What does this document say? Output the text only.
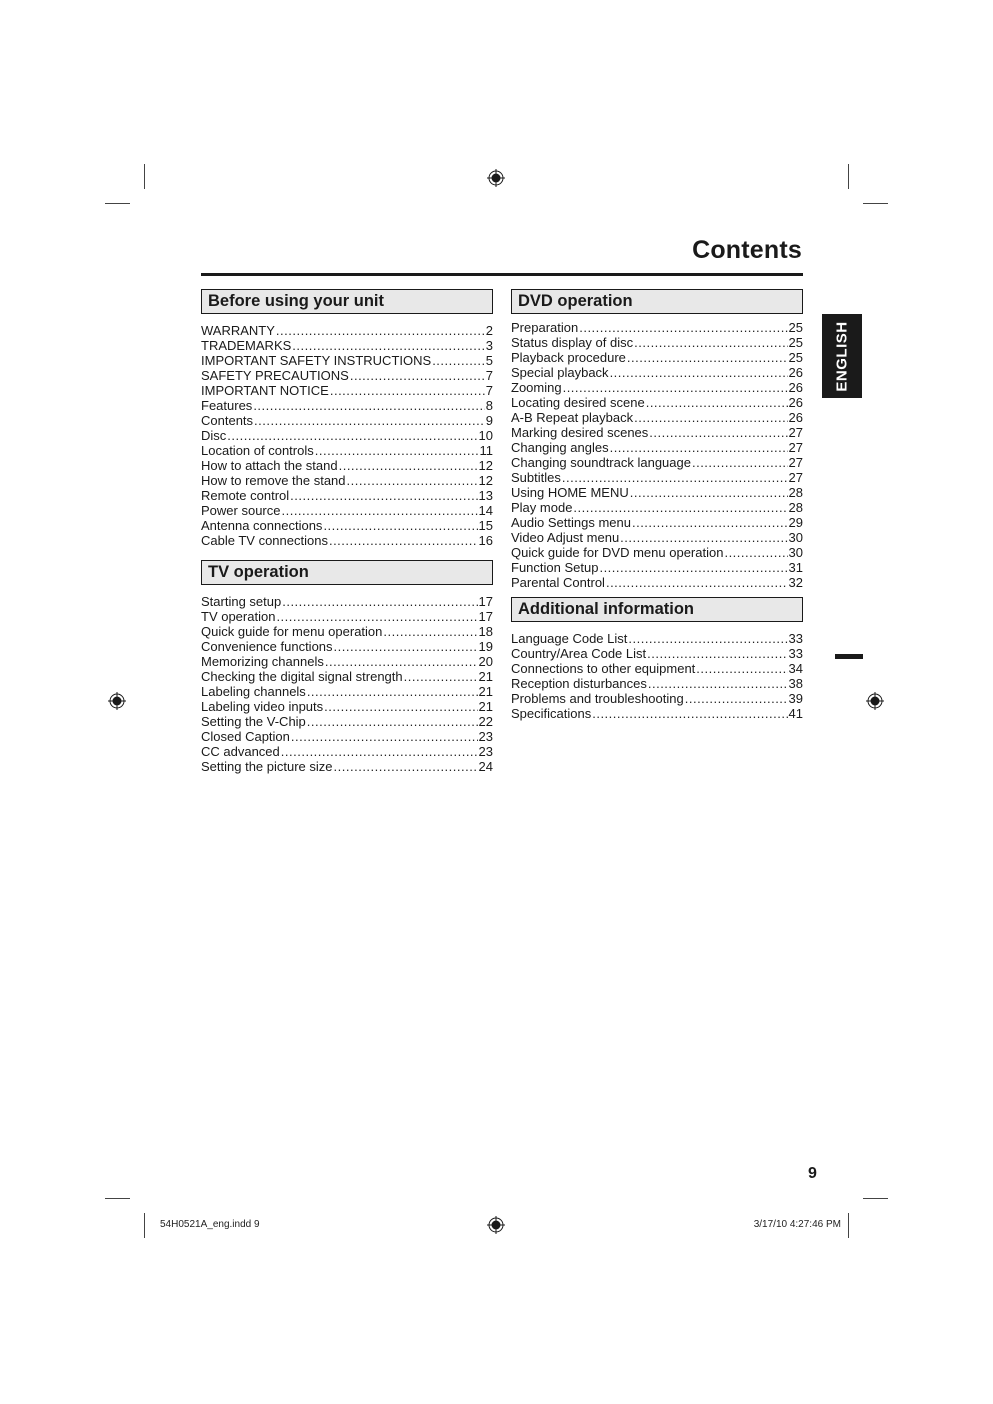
Contents
Before using your unit
WARRANTY .....	2
TRADEMARKS .....	3
IMPORTANT SAFETY INSTRUCTIONS .....	5
SAFETY PRECAUTIONS .....	7
IMPORTANT NOTICE .....	7
Features .....	8
Contents .....	9
Disc .....	10
Location of controls .....	11
How to attach the stand .....	12
How to remove the stand .....	12
Remote control .....	13
Power source .....	14
Antenna connections .....	15
Cable TV connections .....	16
TV operation
Starting setup .....	17
TV operation .....	17
Quick guide for menu operation .....	18
Convenience functions .....	19
Memorizing channels .....	20
Checking the digital signal strength .....	21
Labeling channels .....	21
Labeling video inputs .....	21
Setting the V-Chip .....	22
Closed Caption .....	23
CC advanced .....	23
Setting the picture size .....	24
DVD operation
Preparation .....	25
Status display of disc .....	25
Playback procedure .....	25
Special playback .....	26
Zooming .....	26
Locating desired scene .....	26
A-B Repeat playback .....	26
Marking desired scenes .....	27
Changing angles .....	27
Changing soundtrack language .....	27
Subtitles .....	27
Using HOME MENU .....	28
Play mode .....	28
Audio Settings menu .....	29
Video Adjust menu .....	30
Quick guide for DVD menu operation .....	30
Function Setup .....	31
Parental Control .....	32
Additional information
Language Code List .....	33
Country/Area Code List .....	33
Connections to other equipment .....	34
Reception disturbances .....	38
Problems and troubleshooting .....	39
Specifications .....	41
ENGLISH
9
54H0521A_eng.indd 9	3/17/10 4:27:46 PM
